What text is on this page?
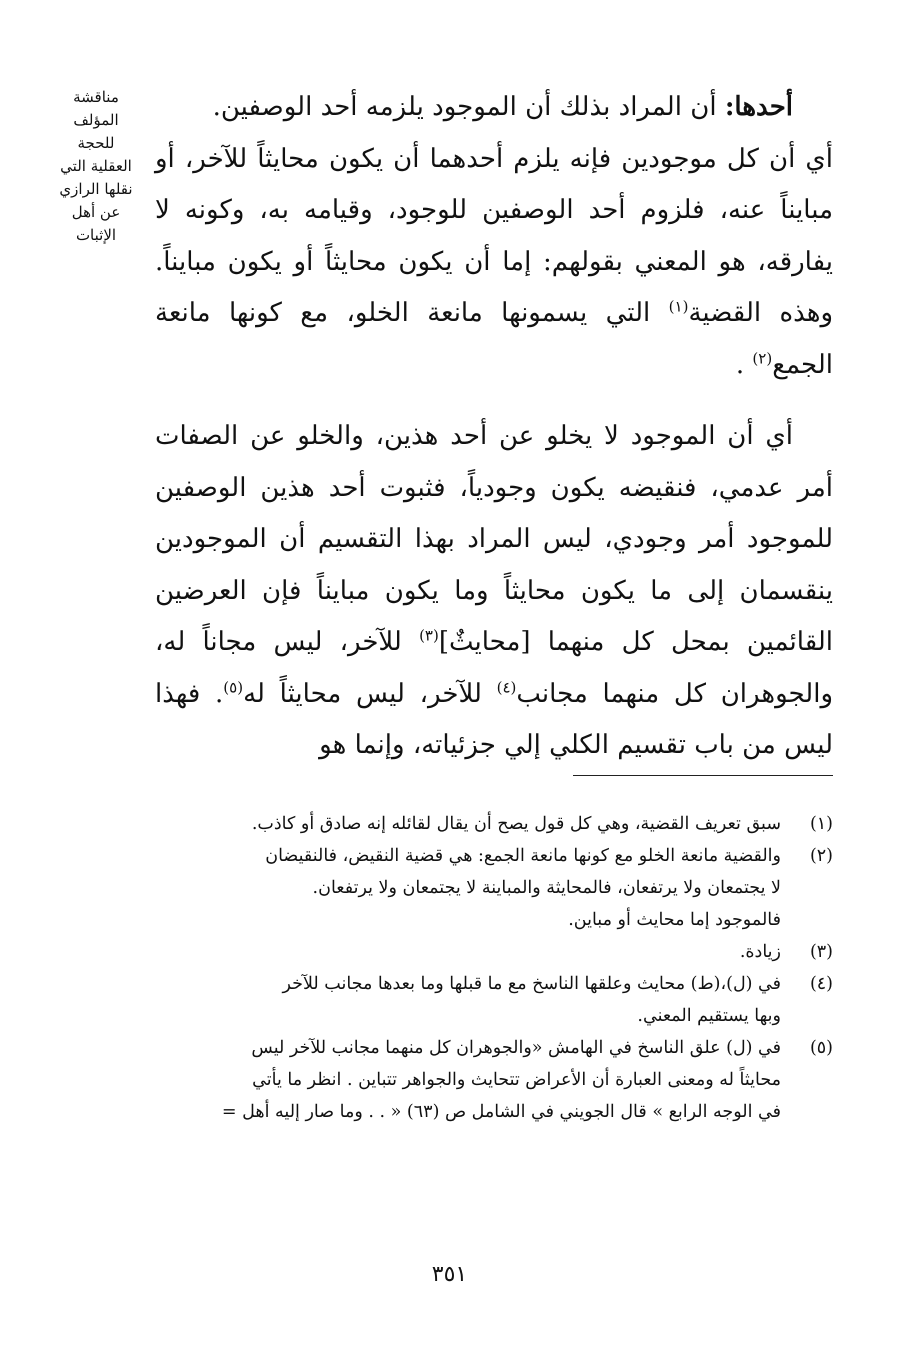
مناقشة
المؤلف
للحجة
العقلية التي
نقلها الرازي
عن أهل
الإثبات

أحدها: أن المراد بذلك أن الموجود يلزمه أحد الوصفين.

أي أن كل موجودين فإنه يلزم أحدهما أن يكون محايثاً للآخر، أو مبايناً عنه، فلزوم أحد الوصفين للوجود، وقيامه به، وكونه لا يفارقه، هو المعني بقولهم: إما أن يكون محايثاً أو يكون مبايناً. وهذه القضية$^{(١)}$ التي يسمونها مانعة الخلو، مع كونها مانعة الجمع$^{(٢)}$ .

أي أن الموجود لا يخلو عن أحد هذين، والخلو عن الصفات أمر عدمي، فنقيضه يكون وجودياً، فثبوت أحد هذين الوصفين للموجود أمر وجودي، ليس المراد بهذا التقسيم أن الموجودين ينقسمان إلى ما يكون محايثاً وما يكون مبايناً فإن العرضين القائمين بمحل كل منهما [محايثٌ]$^{(٣)}$ للآخر، ليس مجاناً له، والجوهران كل منهما مجانب$^{(٤)}$ للآخر، ليس محايثاً له$^{(٥)}$. فهذا ليس من باب تقسيم الكلي إلي جزئياته، وإنما هو

(١)
سبق تعريف القضية، وهي كل قول يصح أن يقال لقائله إنه صادق أو كاذب.
(٢)
والقضية مانعة الخلو مع كونها مانعة الجمع: هي قضية النقيض، فالنقيضان
لا يجتمعان ولا يرتفعان، فالمحايثة والمباينة لا يجتمعان ولا يرتفعان.
فالموجود إما محايث أو مباين.
(٣)
زيادة.
(٤)
في (ل)،(ط) محايث وعلقها الناسخ مع ما قبلها وما بعدها مجانب للآخر
وبها يستقيم المعني.
(٥)
في (ل) علق الناسخ في الهامش «والجوهران كل منهما مجانب للآخر ليس
محايثاً له ومعنى العبارة أن الأعراض تتحايث والجواهر تتباين . انظر ما يأتي
في الوجه الرابع » قال الجويني في الشامل ص (٦٣) « . . وما صار إليه أهل =
٣٥١
